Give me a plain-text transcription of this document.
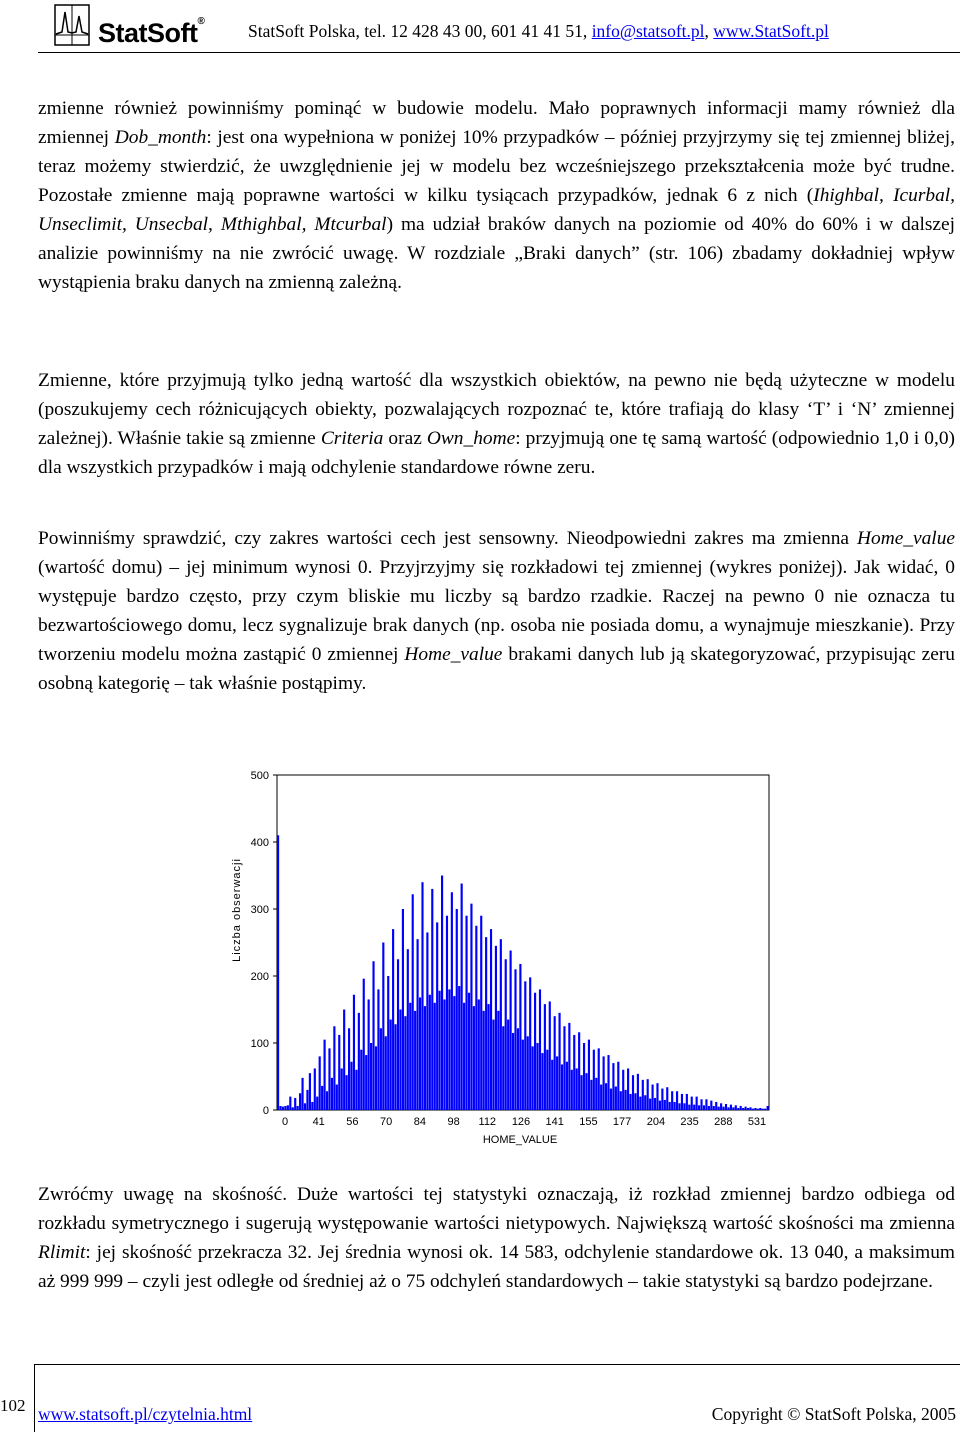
StatSoft® StatSoft Polska, tel. 12 428 43 00, 601 41 41 51, info@statsoft.pl, www.StatSoft.pl

zmienne również powinniśmy pominąć w budowie modelu. Mało poprawnych informacji mamy również dla zmiennej Dob_month: jest ona wypełniona w poniżej 10% przypadków – później przyjrzymy się tej zmiennej bliżej, teraz możemy stwierdzić, że uwzględnienie jej w modelu bez wcześniejszego przekształcenia może być trudne. Pozostałe zmienne mają poprawne wartości w kilku tysiącach przypadków, jednak 6 z nich (Ihighbal, Icurbal, Unseclimit, Unsecbal, Mthighbal, Mtcurbal) ma udział braków danych na poziomie od 40% do 60% i w dalszej analizie powinniśmy na nie zwrócić uwagę. W rozdziale „Braki danych” (str. 106) zbadamy dokładniej wpływ wystąpienia braku danych na zmienną zależną.

Zmienne, które przyjmują tylko jedną wartość dla wszystkich obiektów, na pewno nie będą użyteczne w modelu (poszukujemy cech różnicujących obiekty, pozwalających rozpoznać te, które trafiają do klasy ‘T’ i ‘N’ zmiennej zależnej). Właśnie takie są zmienne Criteria oraz Own_home: przyjmują one tę samą wartość (odpowiednio 1,0 i 0,0) dla wszystkich przypadków i mają odchylenie standardowe równe zeru.

Powinniśmy sprawdzić, czy zakres wartości cech jest sensowny. Nieodpowiedni zakres ma zmienna Home_value (wartość domu) – jej minimum wynosi 0. Przyjrzyjmy się rozkładowi tej zmiennej (wykres poniżej). Jak widać, 0 występuje bardzo często, przy czym bliskie mu liczby są bardzo rzadkie. Raczej na pewno 0 nie oznacza tu bezwartościowego domu, lecz sygnalizuje brak danych (np. osoba nie posiada domu, a wynajmuje mieszkanie). Przy tworzeniu modelu można zastąpić 0 zmiennej Home_value brakami danych lub ją skategoryzować, przypisując zeru osobną kategorię – tak właśnie postąpimy.

0
100
200
300
400
500
0 41 56 70 84 98 112 126 141 155 177 204 235 288 531
HOME_VALUE
Liczba obserwacji

Zwróćmy uwagę na skośność. Duże wartości tej statystyki oznaczają, iż rozkład zmiennej bardzo odbiega od rozkładu symetrycznego i sugerują występowanie wartości nietypowych. Największą wartość skośności ma zmienna Rlimit: jej skośność przekracza 32. Jej średnia wynosi ok. 14 583, odchylenie standardowe ok. 13 040, a maksimum aż 999 999 – czyli jest odległe od średniej aż o 75 odchyleń standardowych – takie statystyki są bardzo podejrzane.

102 www.statsoft.pl/czytelnia.html	Copyright © StatSoft Polska, 2005
